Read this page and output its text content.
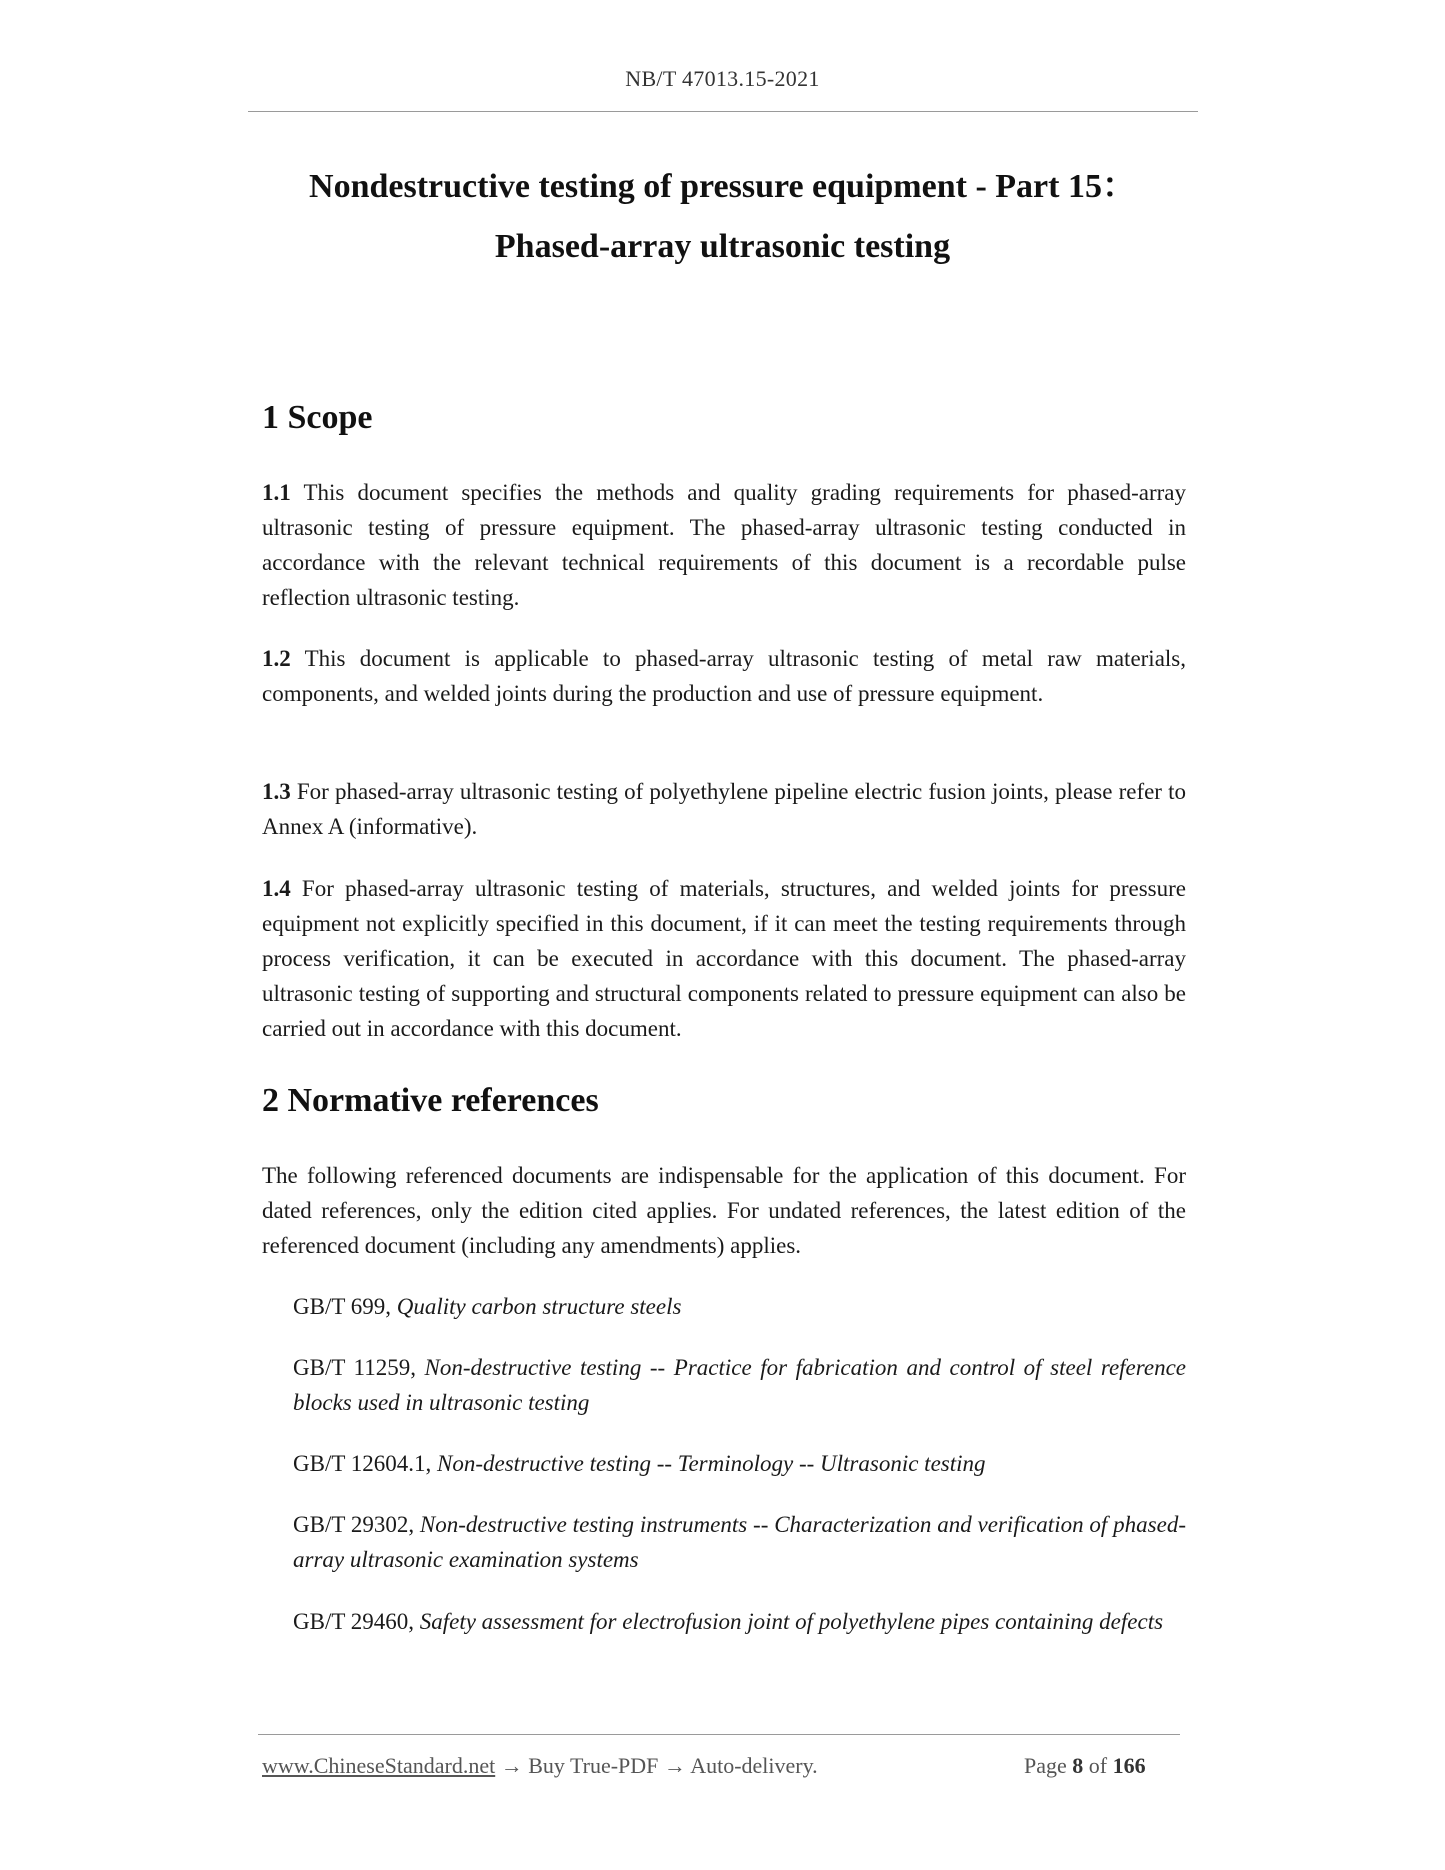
NB/T 47013.15-2021
Nondestructive testing of pressure equipment - Part 15：
Phased-array ultrasonic testing
1 Scope
1.1 This document specifies the methods and quality grading requirements for phased-array ultrasonic testing of pressure equipment. The phased-array ultrasonic testing conducted in accordance with the relevant technical requirements of this document is a recordable pulse reflection ultrasonic testing.
1.2 This document is applicable to phased-array ultrasonic testing of metal raw materials, components, and welded joints during the production and use of pressure equipment.
1.3 For phased-array ultrasonic testing of polyethylene pipeline electric fusion joints, please refer to Annex A (informative).
1.4 For phased-array ultrasonic testing of materials, structures, and welded joints for pressure equipment not explicitly specified in this document, if it can meet the testing requirements through process verification, it can be executed in accordance with this document. The phased-array ultrasonic testing of supporting and structural components related to pressure equipment can also be carried out in accordance with this document.
2 Normative references
The following referenced documents are indispensable for the application of this document. For dated references, only the edition cited applies. For undated references, the latest edition of the referenced document (including any amendments) applies.
GB/T 699, Quality carbon structure steels
GB/T 11259, Non-destructive testing -- Practice for fabrication and control of steel reference blocks used in ultrasonic testing
GB/T 12604.1, Non-destructive testing -- Terminology -- Ultrasonic testing
GB/T 29302, Non-destructive testing instruments -- Characterization and verification of phased-array ultrasonic examination systems
GB/T 29460, Safety assessment for electrofusion joint of polyethylene pipes containing defects
www.ChineseStandard.net → Buy True-PDF → Auto-delivery.	Page 8 of 166
